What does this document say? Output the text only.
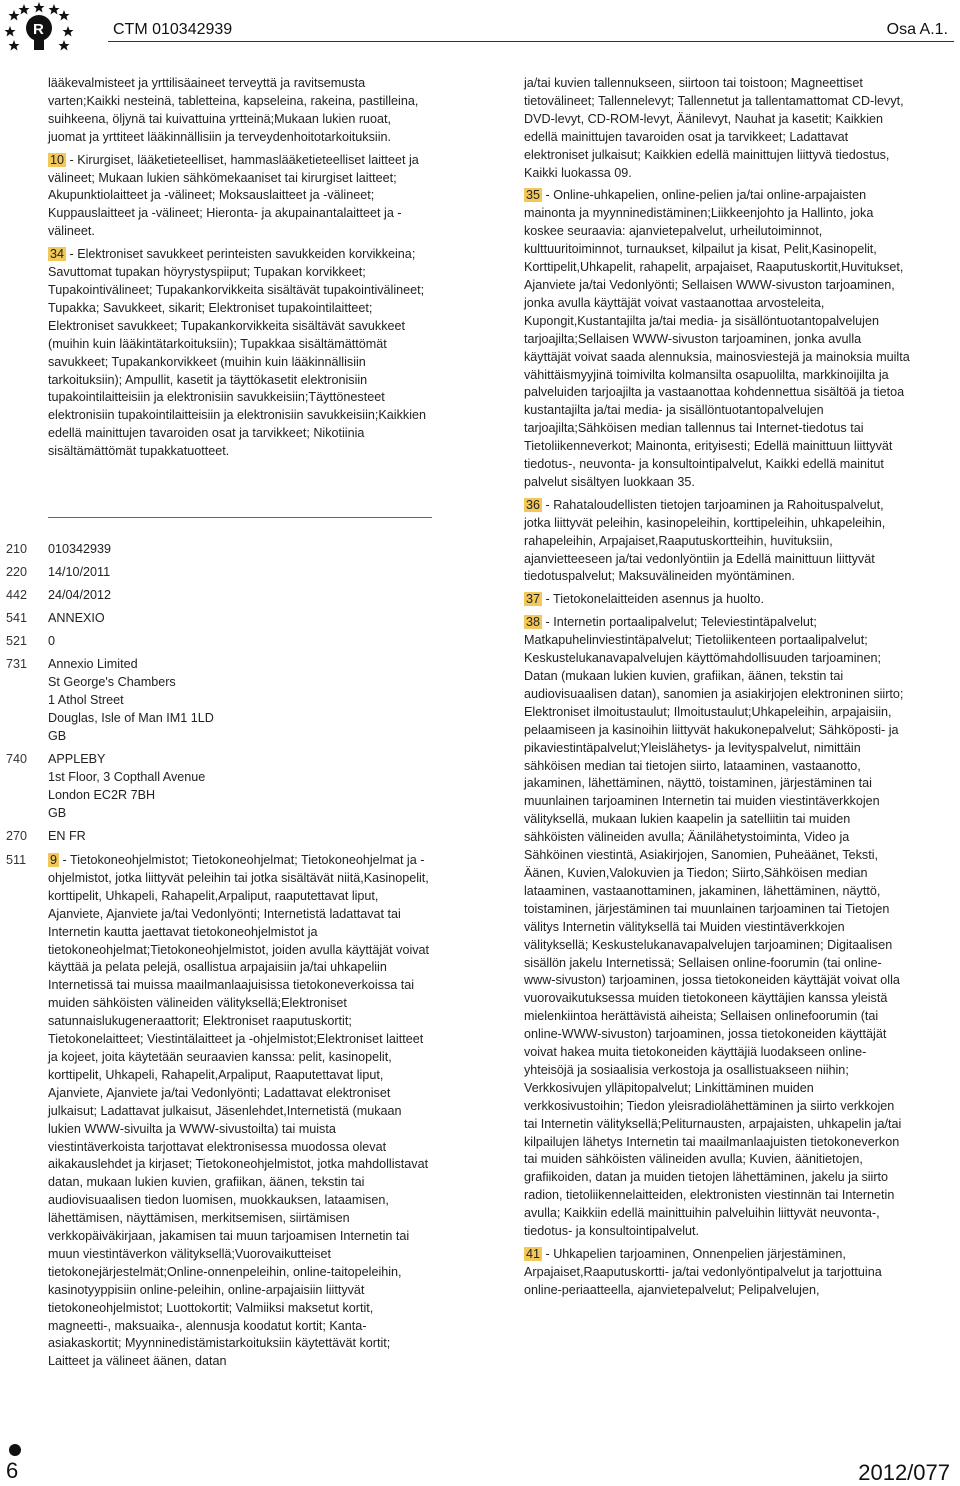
R	CTM 010342939	Osa A.1.

lääkevalmisteet ja yrttilisäaineet terveyttä ja ravitsemusta varten;Kaikki nesteinä, tabletteina, kapseleina, rakeina, pastilleina, suihkeena, öljynä tai kuivattuina yrtteinä;Mukaan lukien ruoat, juomat ja yrttiteet lääkinnällisiin ja terveydenhoitotarkoituksiin.

10 - Kirurgiset, lääketieteelliset, hammaslääketieteelliset laitteet ja välineet; Mukaan lukien sähkömekaaniset tai kirurgiset laitteet; Akupunktiolaitteet ja -välineet; Moksauslaitteet ja -välineet; Kuppauslaitteet ja -välineet; Hieronta- ja akupainantalaitteet ja -välineet.

34 - Elektroniset savukkeet perinteisten savukkeiden korvikkeina; Savuttomat tupakan höyrystyspiiput; Tupakan korvikkeet; Tupakointivälineet; Tupakankorvikkeita sisältävät tupakointivälineet; Tupakka; Savukkeet, sikarit; Elektroniset tupakointilaitteet; Elektroniset savukkeet; Tupakankorvikkeita sisältävät savukkeet (muihin kuin lääkintätarkoituksiin); Tupakkaa sisältämättömät savukkeet; Tupakankorvikkeet (muihin kuin lääkinnällisiin tarkoituksiin); Ampullit, kasetit ja täyttökasetit elektronisiin tupakointilaitteisiin ja elektronisiin savukkeisiin;Täyttönesteet elektronisiin tupakointilaitteisiin ja elektronisiin savukkeisiin;Kaikkien edellä mainittujen tavaroiden osat ja tarvikkeet; Nikotiinia sisältämättömät tupakkatuotteet.

210 010342939
220 14/10/2011
442 24/04/2012
541 ANNEXIO
521 0
731 Annexio Limited
St George's Chambers
1 Athol Street
Douglas, Isle of Man IM1 1LD
GB
740 APPLEBY
1st Floor, 3 Copthall Avenue
London EC2R 7BH
GB
270 EN FR
511 9 - Tietokoneohjelmistot; Tietokoneohjelmat; Tietokoneohjelmat ja -ohjelmistot, jotka liittyvät peleihin tai jotka sisältävät niitä,Kasinopelit, korttipelit, Uhkapeli, Rahapelit,Arpaliput, raaputettavat liput, Ajanviete, Ajanviete ja/tai Vedonlyönti; Internetistä ladattavat tai Internetin kautta jaettavat tietokoneohjelmistot ja tietokoneohjelmat;Tietokoneohjelmistot, joiden avulla käyttäjät voivat käyttää ja pelata pelejä, osallistua arpajaisiin ja/tai uhkapeliin Internetissä tai muissa maailmanlaajuisissa tietokoneverkoissa tai muiden sähköisten välineiden välityksellä;Elektroniset satunnaislukugeneraattorit; Elektroniset raaputuskortit; Tietokonelaitteet; Viestintälaitteet ja -ohjelmistot;Elektroniset laitteet ja kojeet, joita käytetään seuraavien kanssa: pelit, kasinopelit, korttipelit, Uhkapeli, Rahapelit,Arpaliput, Raaputettavat liput, Ajanviete, Ajanviete ja/tai Vedonlyönti; Ladattavat elektroniset julkaisut; Ladattavat julkaisut, Jäsenlehdet,Internetistä (mukaan lukien WWW-sivuilta ja WWW-sivustoilta) tai muista viestintäverkoista tarjottavat elektronisessa muodossa olevat aikakauslehdet ja kirjaset; Tietokoneohjelmistot, jotka mahdollistavat datan, mukaan lukien kuvien, grafiikan, äänen, tekstin tai audiovisuaalisen tiedon luomisen, muokkauksen, lataamisen, lähettämisen, näyttämisen, merkitsemisen, siirtämisen verkkopäiväkirjaan, jakamisen tai muun tarjoamisen Internetin tai muun viestintäverkon välityksellä;Vuorovaikutteiset tietokonejärjestelmät;Online-onnenpeleihin, online-taitopeleihin, kasinotyyppisiin online-peleihin, online-arpajaisiin liittyvät tietokoneohjelmistot; Luottokortit; Valmiiksi maksetut kortit, magneetti-, maksuaika-, alennusja koodatut kortit; Kanta-asiakaskortit; Myynninedistämistarkoituksiin käytettävät kortit; Laitteet ja välineet äänen, datan

ja/tai kuvien tallennukseen, siirtoon tai toistoon; Magneettiset tietovälineet; Tallennelevyt; Tallennetut ja tallentamattomat CD-levyt, DVD-levyt, CD-ROM-levyt, Äänilevyt, Nauhat ja kasetit; Kaikkien edellä mainittujen tavaroiden osat ja tarvikkeet; Ladattavat elektroniset julkaisut; Kaikkien edellä mainittujen liittyvä tiedostus, Kaikki luokassa 09.

35 - Online-uhkapelien, online-pelien ja/tai online-arpajaisten mainonta ja myynninedistäminen;Liikkeenjohto ja Hallinto, joka koskee seuraavia: ajanvietepalvelut, urheilutoiminnot, kulttuuritoiminnot, turnaukset, kilpailut ja kisat, Pelit,Kasinopelit, Korttipelit,Uhkapelit, rahapelit, arpajaiset, Raaputuskortit,Huvitukset, Ajanviete ja/tai Vedonlyönti; Sellaisen WWW-sivuston tarjoaminen, jonka avulla käyttäjät voivat vastaanottaa arvosteleita, Kupongit,Kustantajilta ja/tai media- ja sisällöntuotantopalvelujen tarjoajilta;Sellaisen WWW-sivuston tarjoaminen, jonka avulla käyttäjät voivat saada alennuksia, mainosviestejä ja mainoksia muilta vähittäismyyjinä toimivilta kolmansilta osapuolilta, markkinoijilta ja palveluiden tarjoajilta ja vastaanottaa kohdennettua sisältöä ja tietoa kustantajilta ja/tai media- ja sisällöntuotantopalvelujen tarjoajilta;Sähköisen median tallennus tai Internet-tiedotus tai Tietoliikenneverkot; Mainonta, erityisesti; Edellä mainittuun liittyvät tiedotus-, neuvonta- ja konsultointipalvelut, Kaikki edellä mainitut palvelut sisältyen luokkaan 35.

36 - Rahataloudellisten tietojen tarjoaminen ja Rahoituspalvelut, jotka liittyvät peleihin, kasinopeleihin, korttipeleihin, uhkapeleihin, rahapeleihin, Arpajaiset,Raaputuskortteihin, huvituksiin, ajanvietteeseen ja/tai vedonlyöntiin ja Edellä mainittuun liittyvät tiedotuspalvelut; Maksuvälineiden myöntäminen.

37 - Tietokonelaitteiden asennus ja huolto.

38 - Internetin portaalipalvelut; Televiestintäpalvelut; Matkapuhelinviestintäpalvelut; Tietoliikenteen portaalipalvelut; Keskustelukanavapalvelujen käyttömahdollisuuden tarjoaminen; Datan (mukaan lukien kuvien, grafiikan, äänen, tekstin tai audiovisuaalisen datan), sanomien ja asiakirjojen elektroninen siirto; Elektroniset ilmoitustaulut; Ilmoitustaulut;Uhkapeleihin, arpajaisiin, pelaamiseen ja kasinoihin liittyvät hakukonepalvelut; Sähköposti- ja pikaviestintäpalvelut;Yleislähetys- ja levityspalvelut, nimittäin sähköisen median tai tietojen siirto, lataaminen, vastaanotto, jakaminen, lähettäminen, näyttö, toistaminen, järjestäminen tai muunlainen tarjoaminen Internetin tai muiden viestintäverkkojen välityksellä, mukaan lukien kaapelin ja satelliitin tai muiden sähköisten välineiden avulla; Äänilähetystoiminta, Video ja Sähköinen viestintä, Asiakirjojen, Sanomien, Puheäänet, Teksti, Äänen, Kuvien,Valokuvien ja Tiedon; Siirto,Sähköisen median lataaminen, vastaanottaminen, jakaminen, lähettäminen, näyttö, toistaminen, järjestäminen tai muunlainen tarjoaminen tai Tietojen välitys Internetin välityksellä tai Muiden viestintäverkkojen välityksellä; Keskustelukanavapalvelujen tarjoaminen; Digitaalisen sisällön jakelu Internetissä; Sellaisen online-foorumin (tai online-www-sivuston) tarjoaminen, jossa tietokoneiden käyttäjät voivat olla vuorovaikutuksessa muiden tietokoneen käyttäjien kanssa yleistä mielenkiintoa herättävistä aiheista; Sellaisen onlinefoorumin (tai online-WWW-sivuston) tarjoaminen, jossa tietokoneiden käyttäjät voivat hakea muita tietokoneiden käyttäjiä luodakseen online-yhteisöjä ja sosiaalisia verkostoja ja osallistuakseen niihin; Verkkosivujen ylläpitopalvelut; Linkittäminen muiden verkkosivustoihin; Tiedon yleisradiolähettäminen ja siirto verkkojen tai Internetin välityksellä;Peliturnausten, arpajaisten, uhkapelin ja/tai kilpailujen lähetys Internetin tai maailmanlaajuisten tietokoneverkon tai muiden sähköisten välineiden avulla; Kuvien, äänitietojen, grafiikoiden, datan ja muiden tietojen lähettäminen, jakelu ja siirto radion, tietoliikennelaitteiden, elektronisten viestinnän tai Internetin avulla; Kaikkiin edellä mainittuihin palveluihin liittyvät neuvonta-, tiedotus- ja konsultointipalvelut.

41 - Uhkapelien tarjoaminen, Onnenpelien järjestäminen, Arpajaiset,Raaputuskortti- ja/tai vedonlyöntipalvelut ja tarjottuina online-periaatteella, ajanvietepalvelut; Pelipalvelujen,

6	2012/077
